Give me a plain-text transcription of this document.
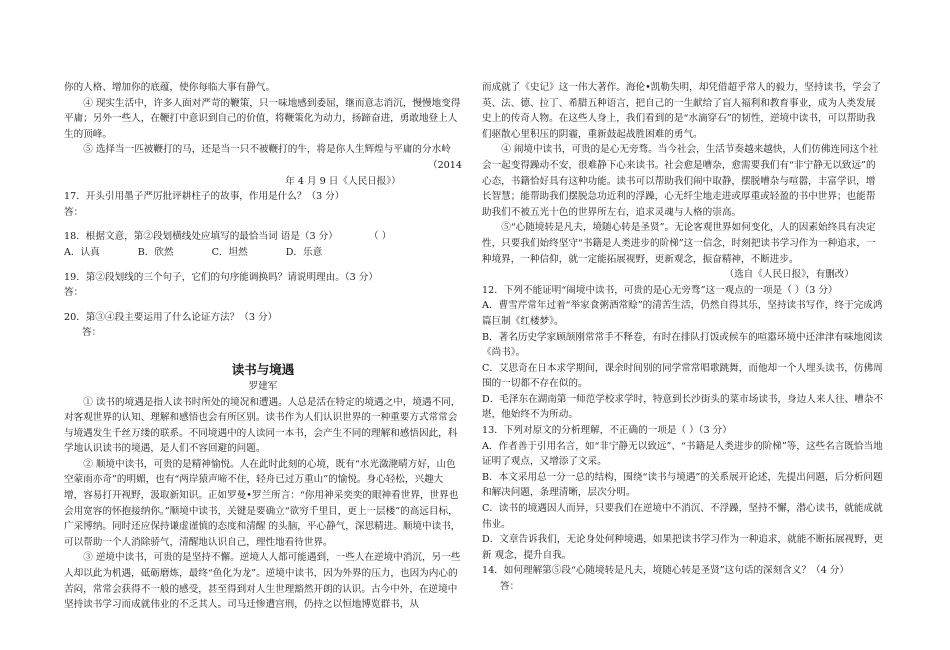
你的人格、增加你的底蕴，使你每临大事有静气。

④ 现实生活中，许多人面对严苛的鞭策，只一味地感到委屈，继而意志消沉，慢慢地变得平庸；另外一些人，在鞭打中意识到自己的价值，将鞭策化为动力，扬蹄奋进，勇敢地登上人生的顶峰。

⑤ 选择当一匹被鞭打的马，还是当一只不被鞭打的牛，将是你人生辉煌与平庸的分水岭

（2014

年 4 月 9 日《人民日报》）

17．开头引用墨子严厉批评耕柱子的故事，作用是什么？（3 分）

答：

18．根据文意，第②段划横线处应填写的最恰当词 语是（3 分）	（ ）

A．认真	B．欣然	C．坦然	D．乐意

19．第②段划线的三个句子，它们的句序能调换吗？请说明理由。（3 分）

答：

20．第③④段主要运用了什么论证方法？（3 分）

答：

读书与境遇

罗建军

① 读书的境遇是指人读书时所处的境况和遭遇。人总是活在特定的境遇之中，境遇不同，对客观世界的认知、理解和感悟也会有所区别。读书作为人们认识世界的一种重要方式常常会与境遇发生千丝万缕的联系。不同境遇中的人读同一本书，会产生不同的理解和感悟因此，科学地认识读书的境遇，是人们不容回避的问题。

② 顺境中读书，可贵的是精神愉悦。人在此时此刻的心境，既有“水光潋滟晴方好，山色空蒙雨亦奇”的明媚，也有“两岸猿声啼不住，轻舟已过万重山”的愉悦。身心轻松，兴趣大增，容易打开视野，汲取新知识。正如罗曼•罗兰所言：“你用神采奕奕的眼神看世界，世界也会用宽容的怀抱接纳你。”顺境中读书，关键是要确立“欲穷千里目，更上一层楼”的高远目标，广采博纳。同时还应保持谦虚谨慎的态度和清醒 的头脑，平心静气，深思精进。顺境中读书，可以帮助一个人消除骄气，清醒地认识自己，理性地看待世界。

③ 逆境中读书，可贵的是坚持不懈。逆境人人都可能遇到，一些人在逆境中消沉，另一些人却以此为机遇，砥砺磨炼，最终“鱼化为龙”。逆境中读书，因为外界的压力，也因为内心的苦闷，常常会获得不一般的感受，甚至得到对人生世理豁然开朗的认识。古今中外，在逆境中坚持读书学习而成就伟业的不乏其人。司马迁惨遭宫刑，仍持之以恒地博览群书，从

而成就了《史记》这一伟大著作。海伦•凯勒失明，却凭借超乎常人的毅力，坚持读书，学会了英、法、德、拉丁、希腊五种语言，把自己的一生献给了盲人福利和教育事业，成为人类发展史上的传奇人物。在这些人身上，我们看到的是“水滴穿石”的韧性，逆境中读书，可以帮助我们驱散心里积压的阴霾，重新鼓起战胜困难的勇气。

④ 闹境中读书，可贵的是心无旁骛。当今社会，生活节奏越来越快，人们仿佛连同这个社会一起变得躁动不安，很难静下心来读书。社会愈是嘈杂，愈需要我们有“非宁静无以致远”的心态，书籍恰好具有这种功能。读书可以帮助我们闹中取静，摆脱嘈杂与喧嚣，丰富学识，增长智慧；能帮助我们摆脱急功近利的浮躁，心无纤尘地走进或厚重或轻盈的书中世界；也能帮助我们不被五光十色的世界所左右，追求灵魂与人格的崇高。

⑤“心随境转是凡夫，境随心转是圣贤”。无论客观世界如何变化，人的因素始终具有决定性，只要我们始终坚守“书籍是人类进步的阶梯”这一信念，时刻把读书学习作为一种追求，一种境界，一种信仰，就一定能拓展视野，更新观念，振奋精神，不断进步。

（选自《人民日报》，有删改）

12．下列不能证明“闹境中读书，可贵的是心无旁骛”这一观点的一项是（ ）（3 分）

A．曹雪芹常年过着“举家食粥酒常赊”的清苦生活，仍然自得其乐，坚持读书写作，终于完成鸿篇巨制《红楼梦》。

B．著名历史学家顾颉刚常常手不释卷，有时在排队打饭或候车的喧嚣环境中还津津有味地阅读《尚书》。

C．艾思奇在日本求学期间，课余时间别的同学常常唱歌跳舞，而他却一个人埋头读书，仿佛周围的一切都不存在似的。

D．毛泽东在湖南第一师范学校求学时，特意到长沙街头的菜市场读书，身边人来人往、嘈杂不堪，他始终不为所动。

13．下列对原文的分析理解，不正确的一项是（ ）（3 分）

A．作者善于引用名言，如“非宁静无以致远”、“书籍是人类进步的阶梯”等，这些名言既恰当地证明了观点，又增添了文采。

B．本文采用总一分一总的结构，围绕“读书与境遇”的关系展开论述，先提出问题，后分析问题和解决问题，条理清晰，层次分明。

C．读书的境遇因人而异，只要我们在逆境中不消沉、不浮躁，坚持不懈，潜心读书，就能成就伟业。

D．文章告诉我们，无论身处何种境遇，如果把读书学习作为一种追求，就能不断拓展视野，更新 观念，提升自我。

14．如何理解第⑤段“心随境转是凡夫，境随心转是圣贤”这句话的深刻含义？（4 分）

答：
